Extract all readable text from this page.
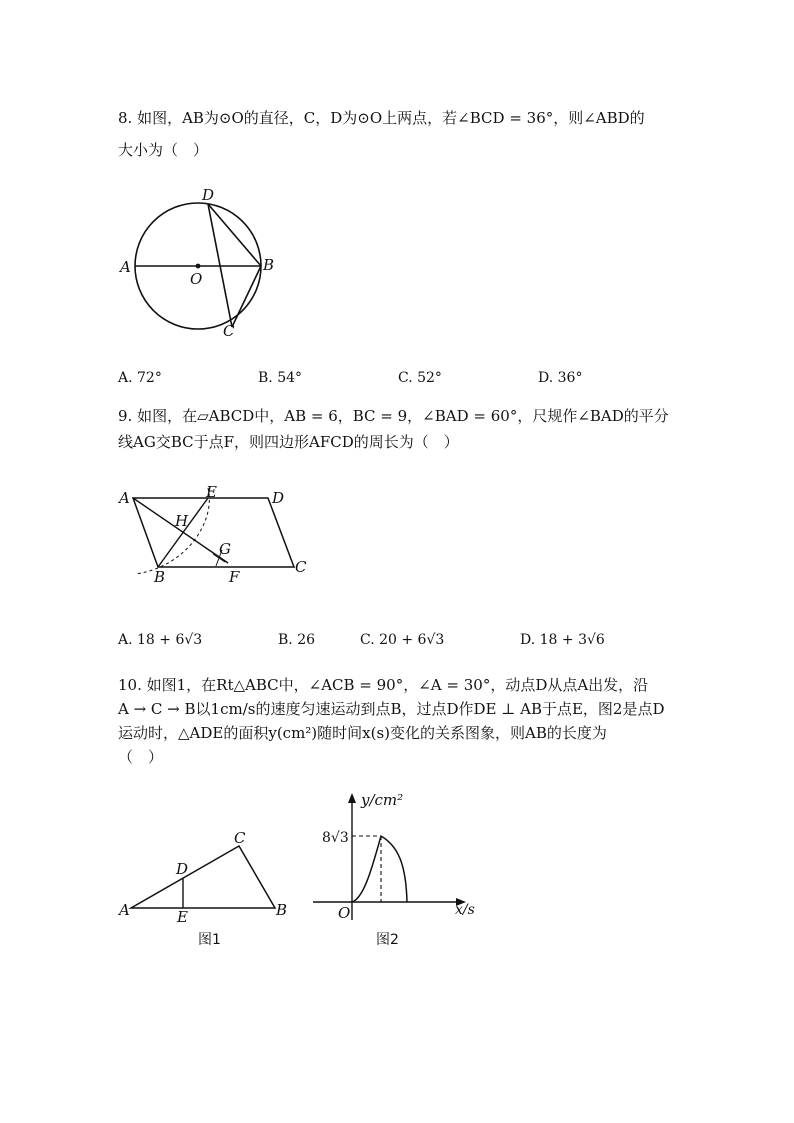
8. 如图，AB为⊙O的直径，C，D为⊙O上两点，若∠BCD = 36°，则∠ABD的
大小为（　）
D
A
O
B
C
A. 72°	B. 54°	C. 52°	D. 36°
9. 如图，在▱ABCD中，AB = 6，BC = 9，∠BAD = 60°，尺规作∠BAD的平分
线AG交BC于点F，则四边形AFCD的周长为（　）
A	E	D
H
G
B	F
C
A. 18 + 6√3	B. 26	C. 20 + 6√3	D. 18 + 3√6
10. 如图1，在Rt△ABC中，∠ACB = 90°，∠A = 30°，动点D从点A出发，沿
A → C → B以1cm/s的速度匀速运动到点B，过点D作DE ⊥ AB于点E，图2是点D
运动时，△ADE的面积y(cm²)随时间x(s)变化的关系图象，则AB的长度为
（　）
A	B
C
D
E
图1
y/cm²
x/s
8√3
O
图2
